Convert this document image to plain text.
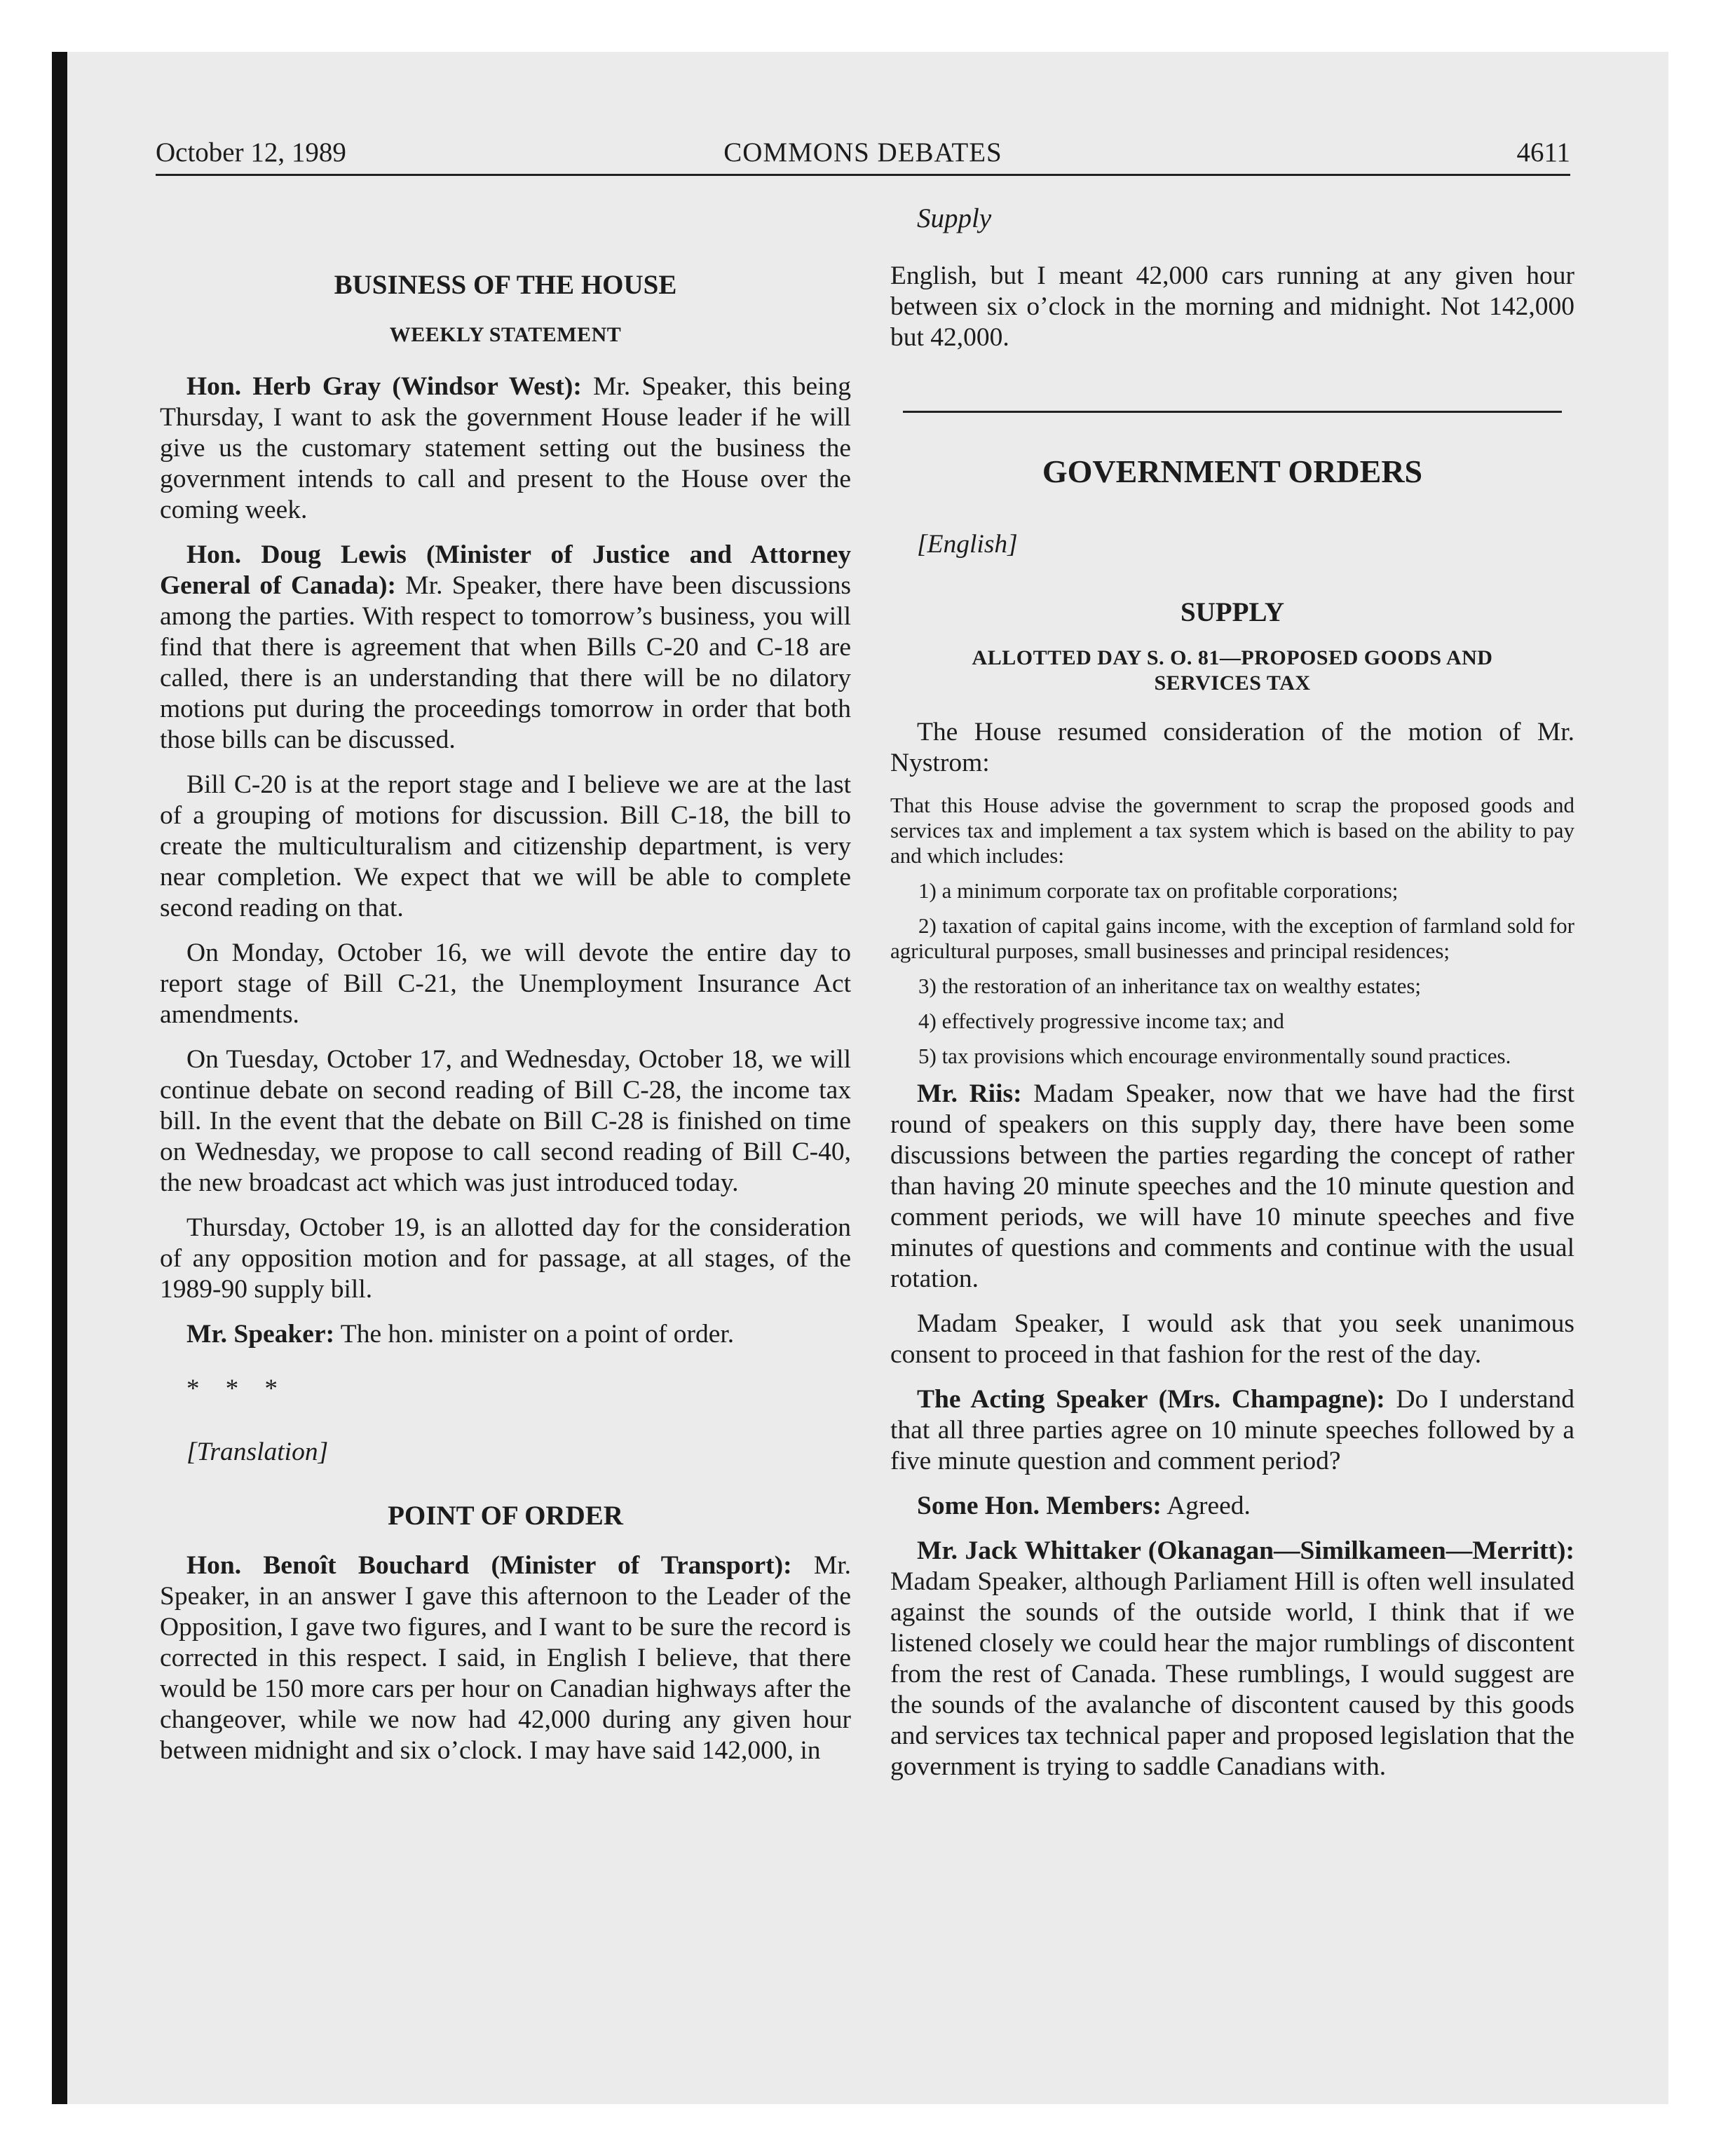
October 12, 1989	COMMONS DEBATES	4611
BUSINESS OF THE HOUSE
WEEKLY STATEMENT

Hon. Herb Gray (Windsor West): Mr. Speaker, this being Thursday, I want to ask the government House leader if he will give us the customary statement setting out the business the government intends to call and present to the House over the coming week.

Hon. Doug Lewis (Minister of Justice and Attorney General of Canada): Mr. Speaker, there have been discussions among the parties. With respect to tomorrow’s business, you will find that there is agreement that when Bills C-20 and C-18 are called, there is an understanding that there will be no dilatory motions put during the proceedings tomorrow in order that both those bills can be discussed.

Bill C-20 is at the report stage and I believe we are at the last of a grouping of motions for discussion. Bill C-18, the bill to create the multiculturalism and citizenship department, is very near completion. We expect that we will be able to complete second reading on that.

On Monday, October 16, we will devote the entire day to report stage of Bill C-21, the Unemployment Insurance Act amendments.

On Tuesday, October 17, and Wednesday, October 18, we will continue debate on second reading of Bill C-28, the income tax bill. In the event that the debate on Bill C-28 is finished on time on Wednesday, we propose to call second reading of Bill C-40, the new broadcast act which was just introduced today.

Thursday, October 19, is an allotted day for the consideration of any opposition motion and for passage, at all stages, of the 1989-90 supply bill.

Mr. Speaker: The hon. minister on a point of order.

* * *

[Translation]

POINT OF ORDER

Hon. Benoît Bouchard (Minister of Transport): Mr. Speaker, in an answer I gave this afternoon to the Leader of the Opposition, I gave two figures, and I want to be sure the record is corrected in this respect. I said, in English I believe, that there would be 150 more cars per hour on Canadian highways after the changeover, while we now had 42,000 during any given hour between midnight and six o’clock. I may have said 142,000, in

Supply

English, but I meant 42,000 cars running at any given hour between six o’clock in the morning and midnight. Not 142,000 but 42,000.

GOVERNMENT ORDERS

[English]

SUPPLY
ALLOTTED DAY S. O. 81—PROPOSED GOODS AND
SERVICES TAX

The House resumed consideration of the motion of Mr. Nystrom:

That this House advise the government to scrap the proposed goods and services tax and implement a tax system which is based on the ability to pay and which includes:

1) a minimum corporate tax on profitable corporations;

2) taxation of capital gains income, with the exception of farmland sold for agricultural purposes, small businesses and principal residences;

3) the restoration of an inheritance tax on wealthy estates;

4) effectively progressive income tax; and

5) tax provisions which encourage environmentally sound practices.

Mr. Riis: Madam Speaker, now that we have had the first round of speakers on this supply day, there have been some discussions between the parties regarding the concept of rather than having 20 minute speeches and the 10 minute question and comment periods, we will have 10 minute speeches and five minutes of questions and comments and continue with the usual rotation.

Madam Speaker, I would ask that you seek unanimous consent to proceed in that fashion for the rest of the day.

The Acting Speaker (Mrs. Champagne): Do I understand that all three parties agree on 10 minute speeches followed by a five minute question and comment period?

Some Hon. Members: Agreed.

Mr. Jack Whittaker (Okanagan—Similkameen—Merritt): Madam Speaker, although Parliament Hill is often well insulated against the sounds of the outside world, I think that if we listened closely we could hear the major rumblings of discontent from the rest of Canada. These rumblings, I would suggest are the sounds of the avalanche of discontent caused by this goods and services tax technical paper and proposed legislation that the government is trying to saddle Canadians with.
